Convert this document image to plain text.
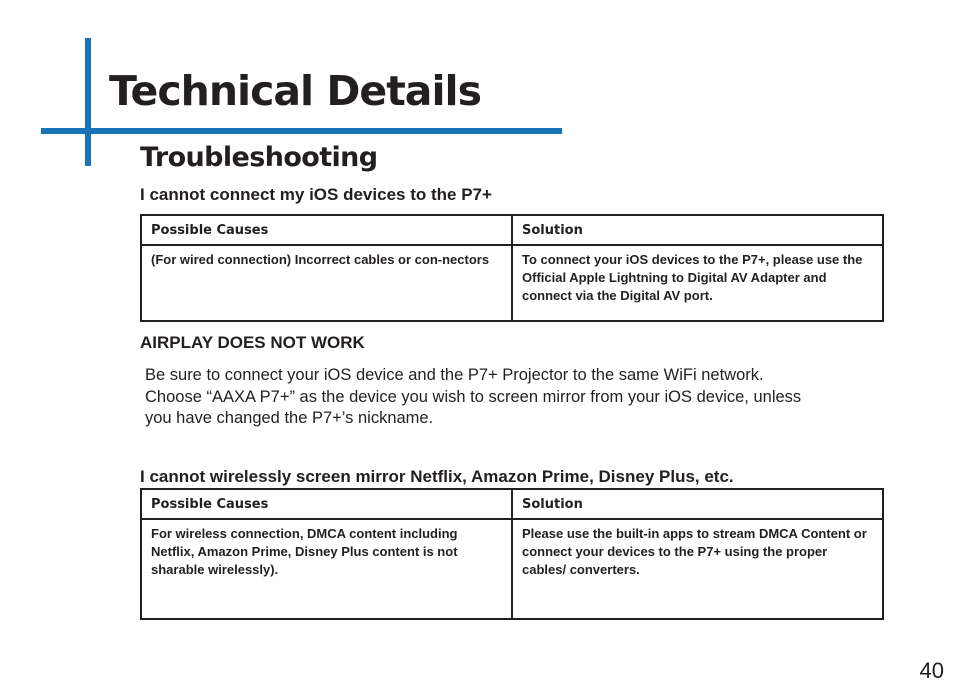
Technical Details
Troubleshooting

I cannot connect my iOS devices to the P7+

Possible Causes	Solution
(For wired connection) Incorrect cables or con-nectors	To connect your iOS devices to the P7+, please use the Official Apple Lightning to Digital AV Adapter and connect via the Digital AV port.

AIRPLAY DOES NOT WORK

Be sure to connect your iOS device and the P7+ Projector to the same WiFi network.
Choose “AAXA P7+” as the device you wish to screen mirror from your iOS device, unless
you have changed the P7+’s nickname.

I cannot wirelessly screen mirror Netflix, Amazon Prime, Disney Plus, etc.

Possible Causes	Solution
For wireless connection, DMCA content including Netflix, Amazon Prime, Disney Plus content is not sharable wirelessly).	Please use the built-in apps to stream DMCA Content or connect your devices to the P7+ using the proper cables/ converters.
40
